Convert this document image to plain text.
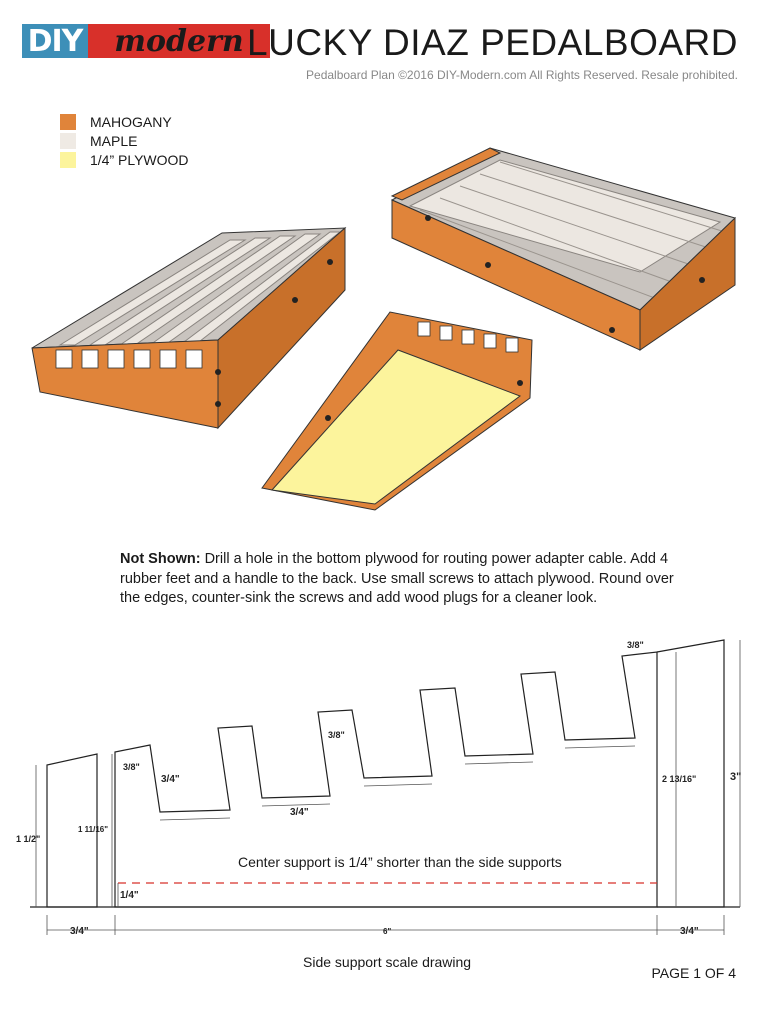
DIY	modern LUCKY DIAZ PEDALBOARD
Pedalboard Plan ©2016 DIY-Modern.com All Rights Reserved. Resale prohibited.
MAHOGANY
MAPLE
1/4” PLYWOOD
Not Shown: Drill a hole in the bottom plywood for routing power adapter cable. Add 4 rubber feet and a handle to the back. Use small screws to attach plywood. Round over the edges, counter-sink the screws and add wood plugs for a cleaner look.
1 1/2"
1 11/16"
2 13/16"	3"
3/4"	6"	3/4"
1/4"
3/8"
3/4"
3/4"
3/8"
3/8"
Center support is 1/4” shorter than the side supports
Side support scale drawing
PAGE 1 OF 4
